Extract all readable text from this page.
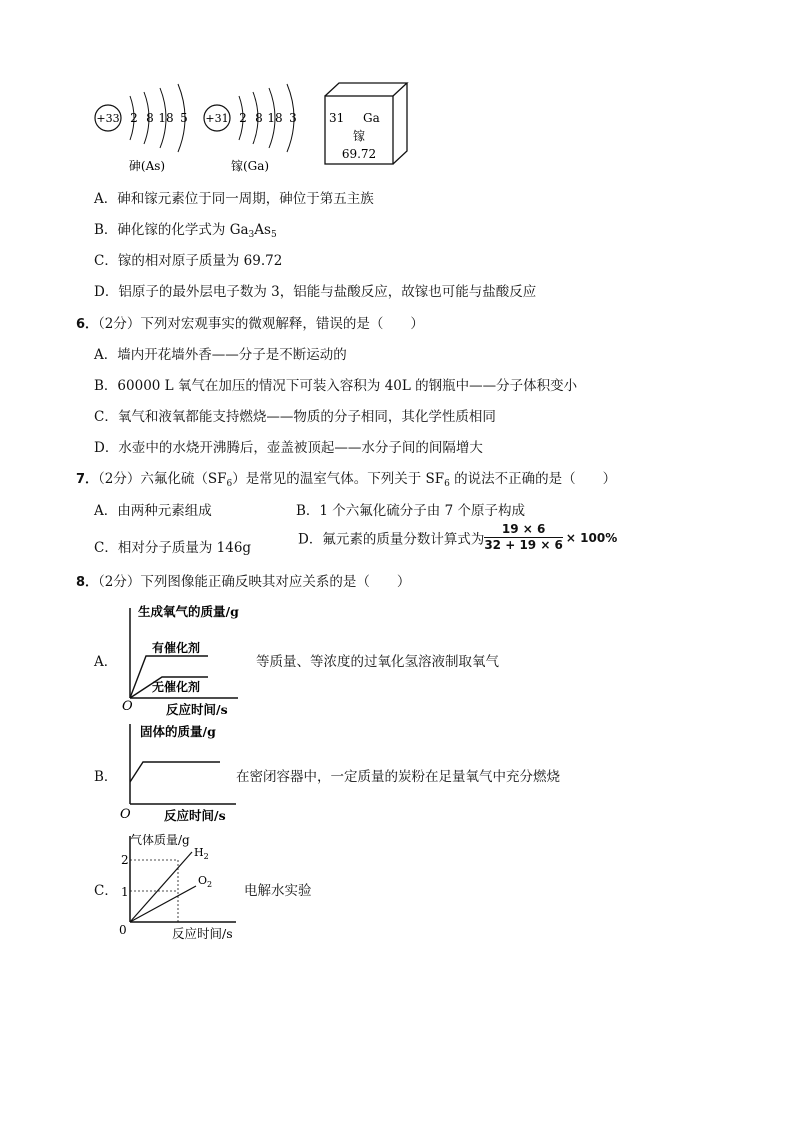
+33 2 8 18 5
砷(As)
+31 2 8 18 3
镓(Ga)
31 Ga
镓
69.72
A．砷和镓元素位于同一周期，砷位于第五主族
B．砷化镓的化学式为 $Ga_3As_5$
C．镓的相对原子质量为 69.72
D．铝原子的最外层电子数为 3，铝能与盐酸反应，故镓也可能与盐酸反应
6．（2分）下列对宏观事实的微观解释，错误的是（　　）
A．墙内开花墙外香——分子是不断运动的
B．60000 L 氧气在加压的情况下可装入容积为 40L 的钢瓶中——分子体积变小
C．氧气和液氧都能支持燃烧——物质的分子相同，其化学性质相同
D．水壶中的水烧开沸腾后，壶盖被顶起——水分子间的间隔增大
7．（2分）六氟化硫$(SF_6)$是常见的温室气体。下列关于 $SF_6$ 的说法不正确的是（　　）
A．由两种元素组成	B．1 个六氟化硫分子由 7 个原子构成
C．相对分子质量为 146g
D．氟元素的质量分数计算式为 $\frac{19 \times 6}{32 + 19 \times 6} \times 100\%$
8．（2分）下列图像能正确反映其对应关系的是（　　）
A．
生成氧气的质量/g
有催化剂
无催化剂
O	反应时间/s
等质量、等浓度的过氧化氢溶液制取氧气
B．
固体的质量/g
O	反应时间/s
在密闭容器中，一定质量的炭粉在足量氧气中充分燃烧
C．
气体质量/g
2
1
0
$H_2$
$O_2$
反应时间/s
电解水实验
